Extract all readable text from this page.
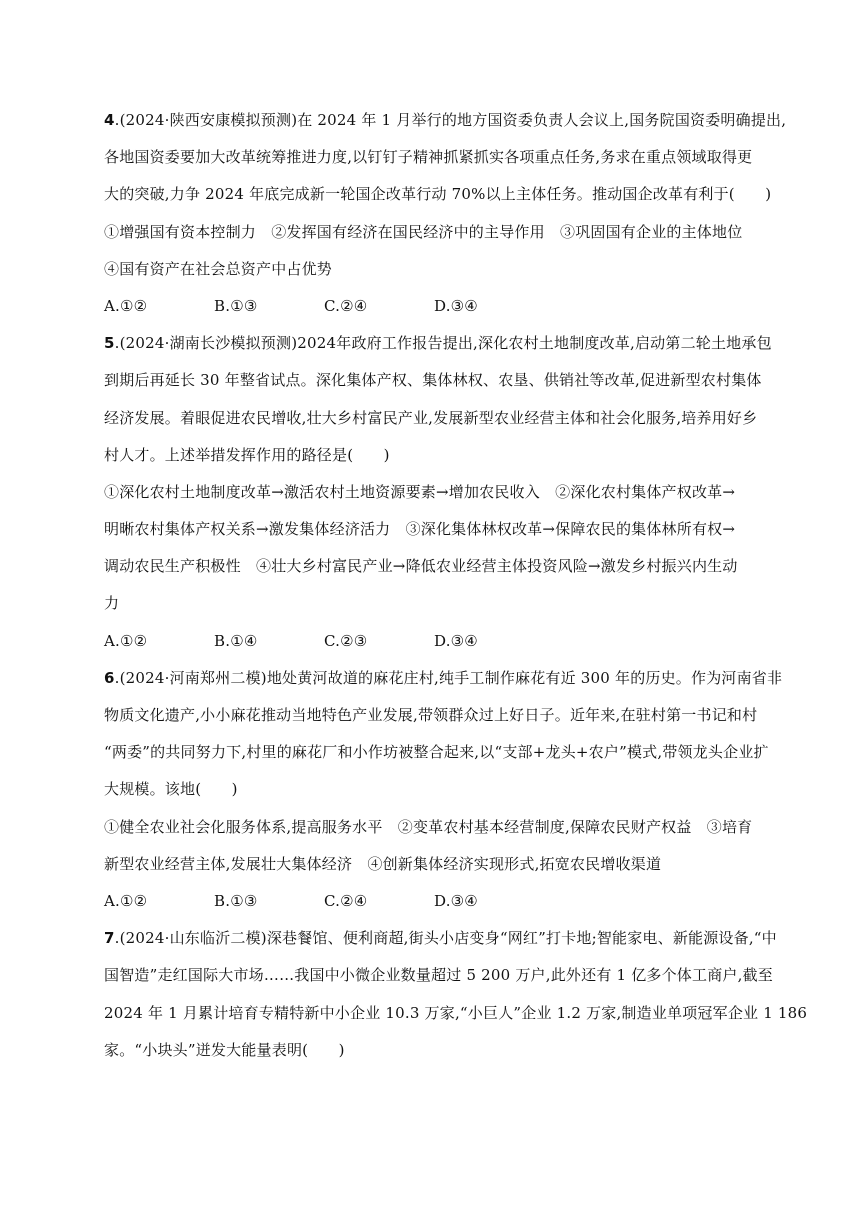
4.(2024·陕西安康模拟预测)在 2024 年 1 月举行的地方国资委负责人会议上,国务院国资委明确提出,
各地国资委要加大改革统筹推进力度,以钉钉子精神抓紧抓实各项重点任务,务求在重点领域取得更
大的突破,力争 2024 年底完成新一轮国企改革行动 70%以上主体任务。推动国企改革有利于(　　)
①增强国有资本控制力　②发挥国有经济在国民经济中的主导作用　③巩固国有企业的主体地位
④国有资产在社会总资产中占优势
A.①②	B.①③	C.②④	D.③④
5.(2024·湖南长沙模拟预测)2024年政府工作报告提出,深化农村土地制度改革,启动第二轮土地承包
到期后再延长 30 年整省试点。深化集体产权、集体林权、农垦、供销社等改革,促进新型农村集体
经济发展。着眼促进农民增收,壮大乡村富民产业,发展新型农业经营主体和社会化服务,培养用好乡
村人才。上述举措发挥作用的路径是(　　)
①深化农村土地制度改革→激活农村土地资源要素→增加农民收入　②深化农村集体产权改革→
明晰农村集体产权关系→激发集体经济活力　③深化集体林权改革→保障农民的集体林所有权→
调动农民生产积极性　④壮大乡村富民产业→降低农业经营主体投资风险→激发乡村振兴内生动
力
A.①②	B.①④	C.②③	D.③④
6.(2024·河南郑州二模)地处黄河故道的麻花庄村,纯手工制作麻花有近 300 年的历史。作为河南省非
物质文化遗产,小小麻花推动当地特色产业发展,带领群众过上好日子。近年来,在驻村第一书记和村
“两委”的共同努力下,村里的麻花厂和小作坊被整合起来,以“支部+龙头+农户”模式,带领龙头企业扩
大规模。该地(　　)
①健全农业社会化服务体系,提高服务水平　②变革农村基本经营制度,保障农民财产权益　③培育
新型农业经营主体,发展壮大集体经济　④创新集体经济实现形式,拓宽农民增收渠道
A.①②	B.①③	C.②④	D.③④
7.(2024·山东临沂二模)深巷餐馆、便利商超,街头小店变身“网红”打卡地;智能家电、新能源设备,“中
国智造”走红国际大市场……我国中小微企业数量超过 5 200 万户,此外还有 1 亿多个体工商户,截至
2024 年 1 月累计培育专精特新中小企业 10.3 万家,“小巨人”企业 1.2 万家,制造业单项冠军企业 1 186
家。“小块头”迸发大能量表明(　　)
